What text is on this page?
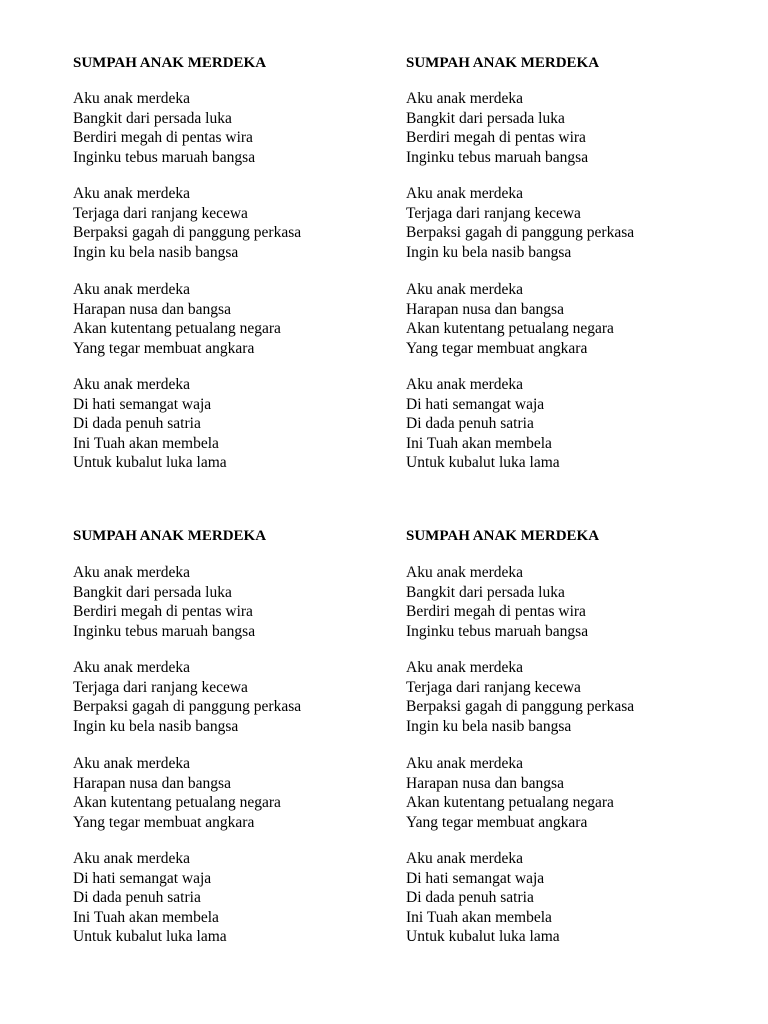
SUMPAH ANAK MERDEKA
Aku anak merdeka
Bangkit dari persada luka
Berdiri megah di pentas wira
Inginku tebus maruah bangsa
Aku anak merdeka
Terjaga dari ranjang kecewa
Berpaksi gagah di panggung perkasa
Ingin ku bela nasib bangsa
Aku anak merdeka
Harapan nusa dan bangsa
Akan kutentang petualang negara
Yang tegar membuat angkara
Aku anak merdeka
Di hati semangat waja
Di dada penuh satria
Ini Tuah akan membela
Untuk kubalut luka lama
SUMPAH ANAK MERDEKA
Aku anak merdeka
Bangkit dari persada luka
Berdiri megah di pentas wira
Inginku tebus maruah bangsa
Aku anak merdeka
Terjaga dari ranjang kecewa
Berpaksi gagah di panggung perkasa
Ingin ku bela nasib bangsa
Aku anak merdeka
Harapan nusa dan bangsa
Akan kutentang petualang negara
Yang tegar membuat angkara
Aku anak merdeka
Di hati semangat waja
Di dada penuh satria
Ini Tuah akan membela
Untuk kubalut luka lama
SUMPAH ANAK MERDEKA
Aku anak merdeka
Bangkit dari persada luka
Berdiri megah di pentas wira
Inginku tebus maruah bangsa
Aku anak merdeka
Terjaga dari ranjang kecewa
Berpaksi gagah di panggung perkasa
Ingin ku bela nasib bangsa
Aku anak merdeka
Harapan nusa dan bangsa
Akan kutentang petualang negara
Yang tegar membuat angkara
Aku anak merdeka
Di hati semangat waja
Di dada penuh satria
Ini Tuah akan membela
Untuk kubalut luka lama
SUMPAH ANAK MERDEKA
Aku anak merdeka
Bangkit dari persada luka
Berdiri megah di pentas wira
Inginku tebus maruah bangsa
Aku anak merdeka
Terjaga dari ranjang kecewa
Berpaksi gagah di panggung perkasa
Ingin ku bela nasib bangsa
Aku anak merdeka
Harapan nusa dan bangsa
Akan kutentang petualang negara
Yang tegar membuat angkara
Aku anak merdeka
Di hati semangat waja
Di dada penuh satria
Ini Tuah akan membela
Untuk kubalut luka lama
